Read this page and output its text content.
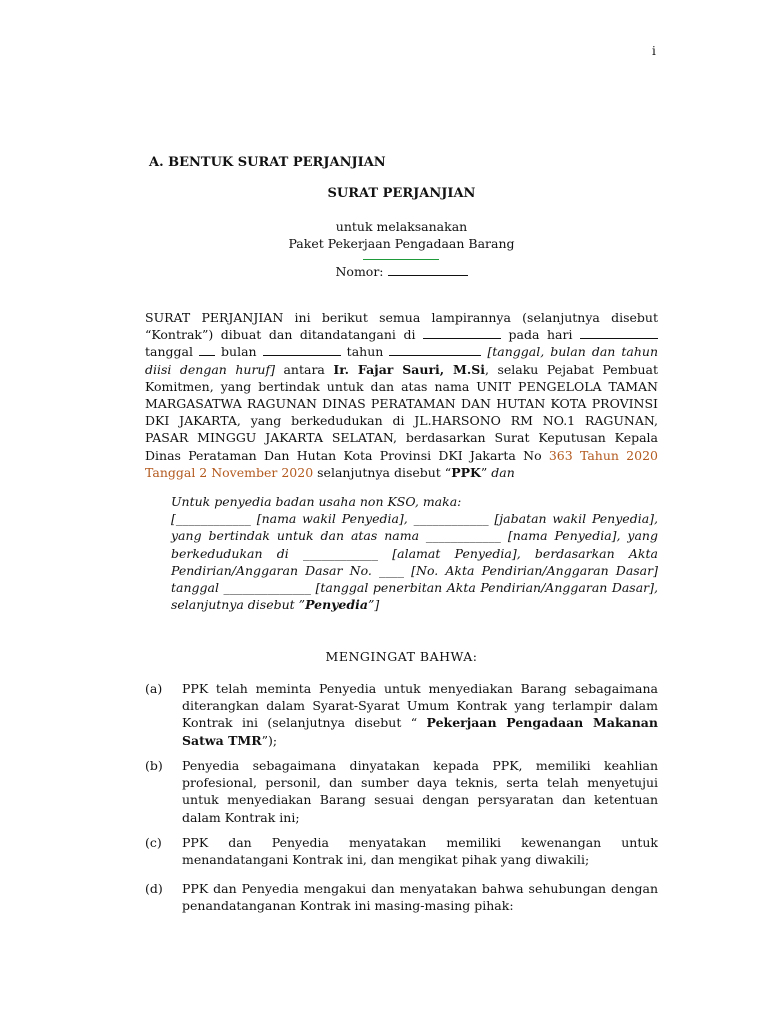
i
A. BENTUK SURAT PERJANJIAN
SURAT PERJANJIAN
untuk melaksanakan
Paket Pekerjaan Pengadaan Barang
Nomor:
SURAT PERJANJIAN ini berikut semua lampirannya (selanjutnya disebut “Kontrak”) dibuat dan ditandatangani di	pada hari  tanggal  bulan	tahun	[tanggal, bulan dan tahun diisi dengan huruf] antara Ir. Fajar Sauri, M.Si, selaku Pejabat Pembuat Komitmen, yang bertindak untuk dan atas nama UNIT PENGELOLA TAMAN MARGASATWA RAGUNAN DINAS PERATAMAN DAN HUTAN KOTA PROVINSI DKI JAKARTA, yang berkedudukan di JL.HARSONO RM NO.1 RAGUNAN, PASAR MINGGU JAKARTA SELATAN, berdasarkan Surat Keputusan Kepala Dinas Perataman Dan Hutan Kota Provinsi DKI Jakarta No 363 Tahun 2020 Tanggal 2 November 2020 selanjutnya disebut “PPK” dan
Untuk penyedia badan usaha non KSO, maka:
[____________ [nama wakil Penyedia], ____________ [jabatan wakil Penyedia], yang bertindak untuk dan atas nama ____________ [nama Penyedia], yang berkedudukan di ____________ [alamat Penyedia], berdasarkan Akta Pendirian/Anggaran Dasar No. ____ [No. Akta Pendirian/Anggaran Dasar] tanggal ______________ [tanggal penerbitan Akta Pendirian/Anggaran Dasar], selanjutnya disebut ”Penyedia”]
MENGINGAT BAHWA:
(a) PPK telah meminta Penyedia untuk menyediakan Barang sebagaimana diterangkan dalam Syarat-Syarat Umum Kontrak yang terlampir dalam Kontrak ini (selanjutnya disebut “ Pekerjaan Pengadaan Makanan Satwa TMR”);
(b) Penyedia sebagaimana dinyatakan kepada PPK, memiliki keahlian profesional, personil, dan sumber daya teknis, serta telah menyetujui untuk menyediakan Barang sesuai dengan persyaratan dan ketentuan dalam Kontrak ini;
(c) PPK dan Penyedia menyatakan memiliki kewenangan untuk menandatangani Kontrak ini, dan mengikat pihak yang diwakili;
(d) PPK dan Penyedia mengakui dan menyatakan bahwa sehubungan dengan penandatanganan Kontrak ini masing-masing pihak:
